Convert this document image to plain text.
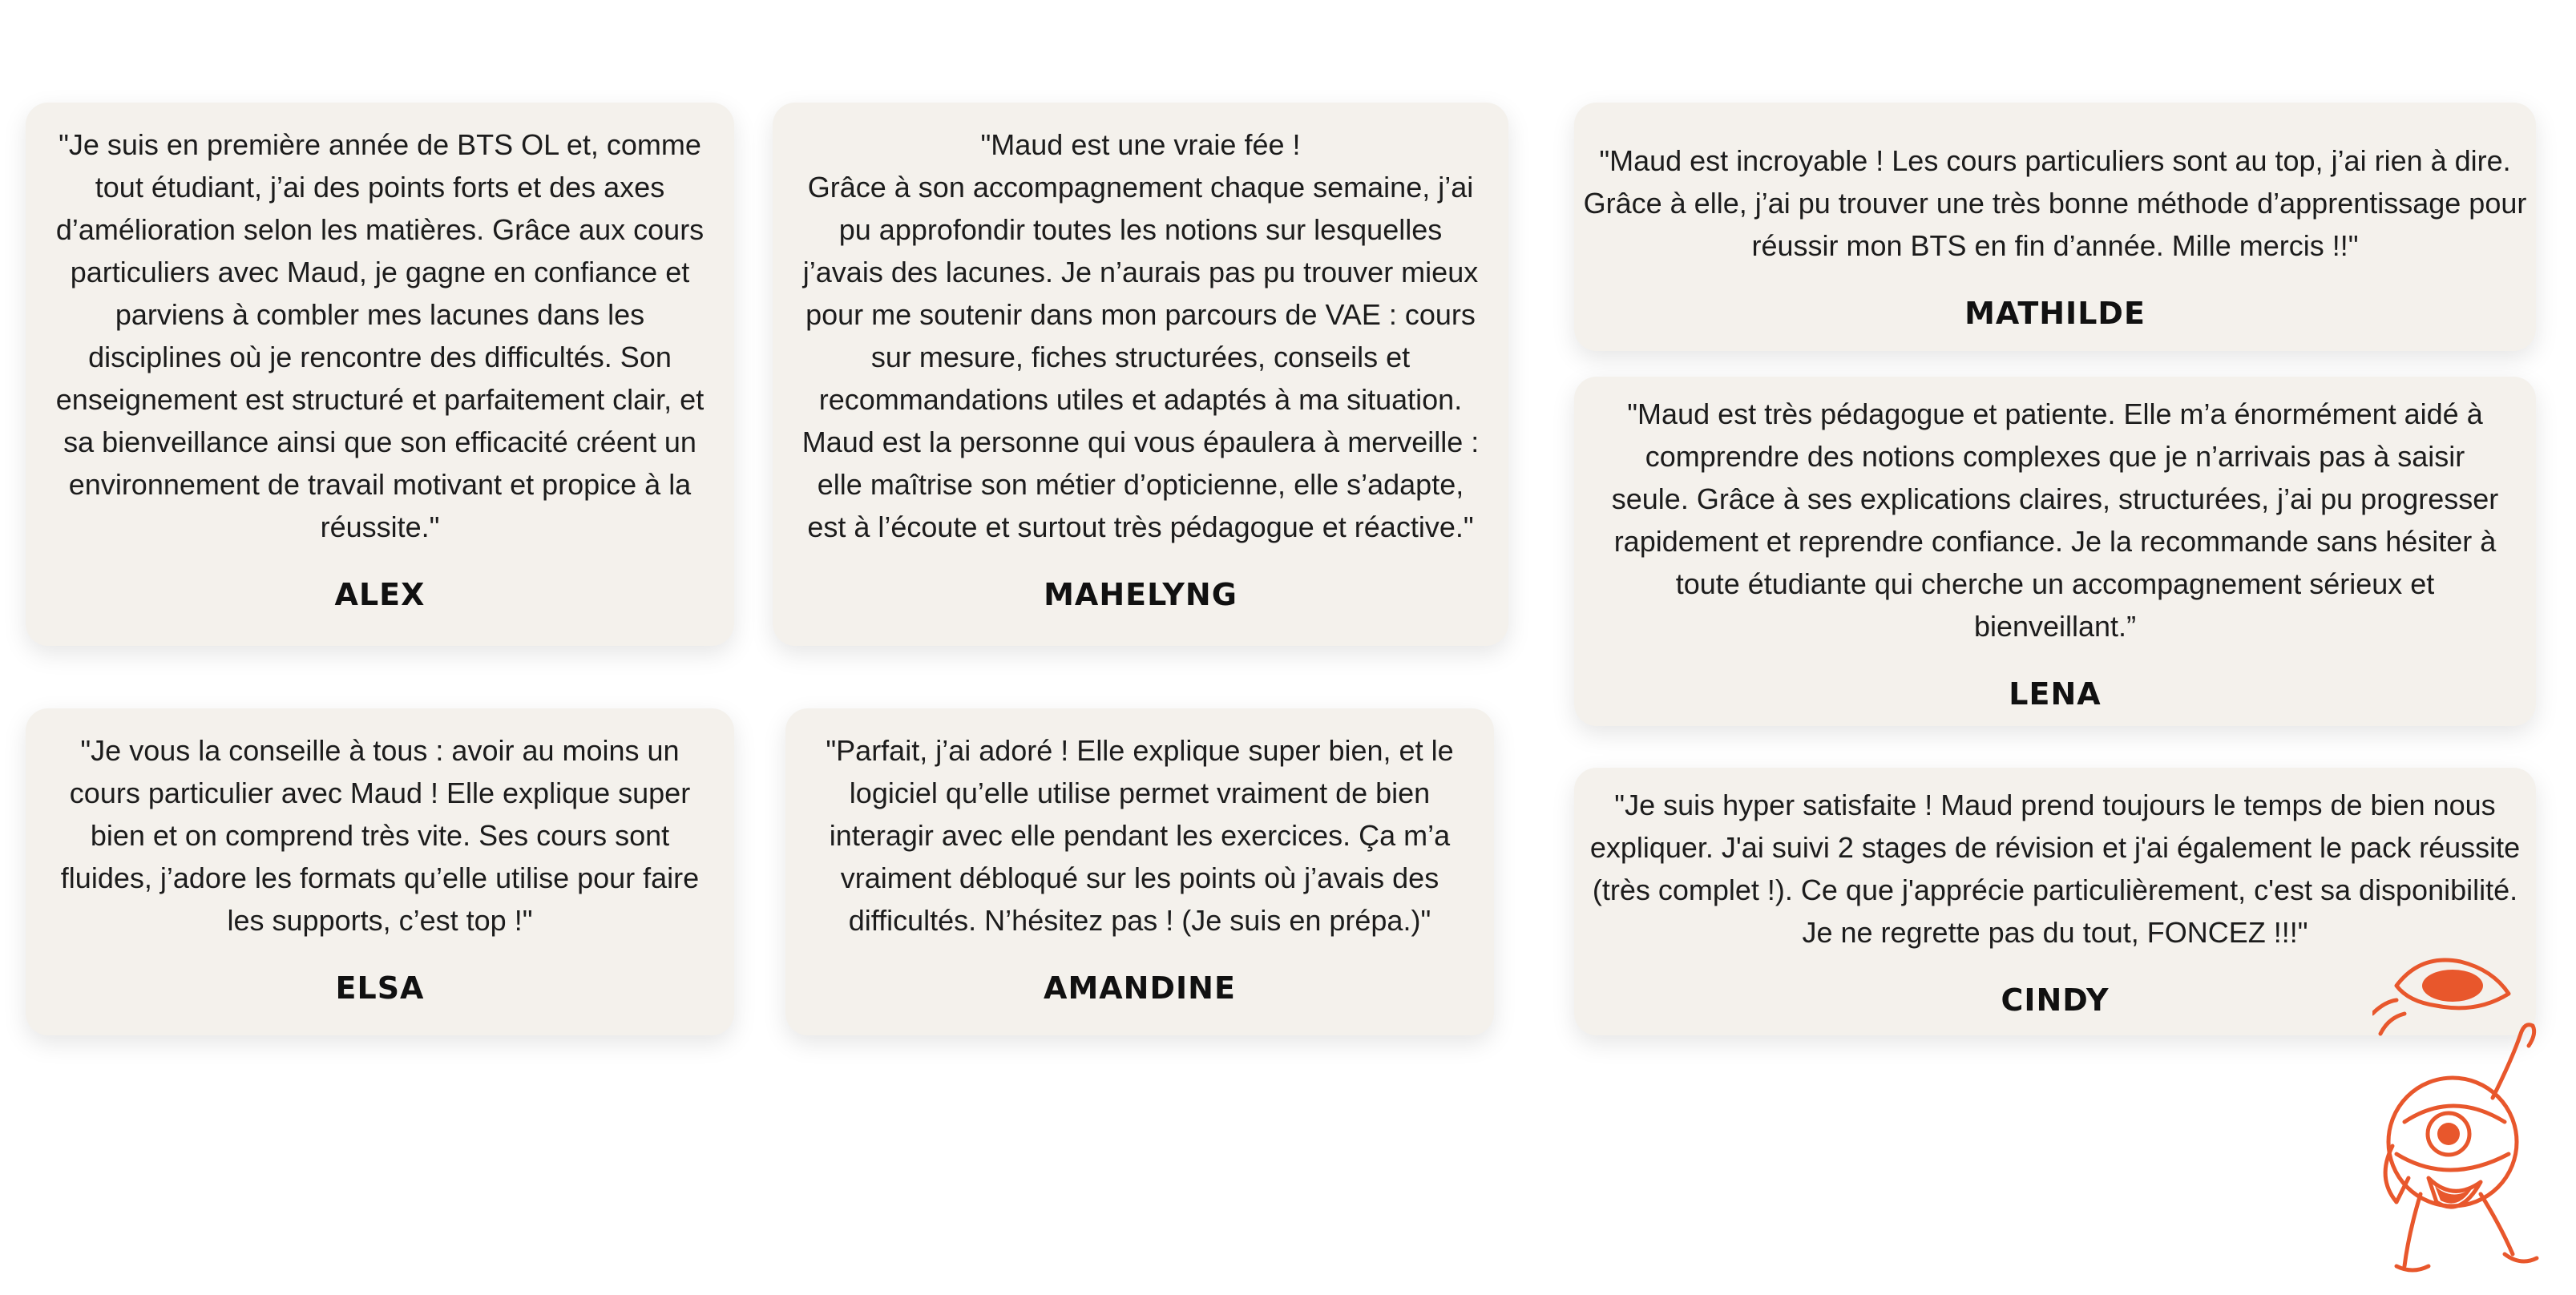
"Je suis en première année de BTS OL et, comme tout étudiant, j’ai des points forts et des axes d’amélioration selon les matières. Grâce aux cours particuliers avec Maud, je gagne en confiance et parviens à combler mes lacunes dans les disciplines où je rencontre des difficultés. Son enseignement est structuré et parfaitement clair, et sa bienveillance ainsi que son efficacité créent un environnement de travail motivant et propice à la réussite."

ALEX

"Maud est une vraie fée !
Grâce à son accompagnement chaque semaine, j’ai pu approfondir toutes les notions sur lesquelles j’avais des lacunes. Je n’aurais pas pu trouver mieux pour me soutenir dans mon parcours de VAE : cours sur mesure, fiches structurées, conseils et recommandations utiles et adaptés à ma situation. Maud est la personne qui vous épaulera à merveille : elle maîtrise son métier d’opticienne, elle s’adapte, est à l’écoute et surtout très pédagogue et réactive."

MAHELYNG

"Maud est incroyable ! Les cours particuliers sont au top, j’ai rien à dire. Grâce à elle, j’ai pu trouver une très bonne méthode d’apprentissage pour réussir mon BTS en fin d’année. Mille mercis !!"

MATHILDE

"Maud est très pédagogue et patiente. Elle m’a énormément aidé à comprendre des notions complexes que je n’arrivais pas à saisir seule. Grâce à ses explications claires, structurées, j’ai pu progresser rapidement et reprendre confiance. Je la recommande sans hésiter à toute étudiante qui cherche un accompagnement sérieux et bienveillant.”

LENA

"Je vous la conseille à tous : avoir au moins un cours particulier avec Maud ! Elle explique super bien et on comprend très vite. Ses cours sont fluides, j’adore les formats qu’elle utilise pour faire les supports, c’est top !"

ELSA

"Parfait, j’ai adoré ! Elle explique super bien, et le logiciel qu’elle utilise permet vraiment de bien interagir avec elle pendant les exercices. Ça m’a vraiment débloqué sur les points où j’avais des difficultés. N’hésitez pas ! (Je suis en prépa.)"

AMANDINE

"Je suis hyper satisfaite ! Maud prend toujours le temps de bien nous expliquer. J'ai suivi 2 stages de révision et j'ai également le pack réussite (très complet !). Ce que j'apprécie particulièrement, c'est sa disponibilité. Je ne regrette pas du tout, FONCEZ !!!"

CINDY
